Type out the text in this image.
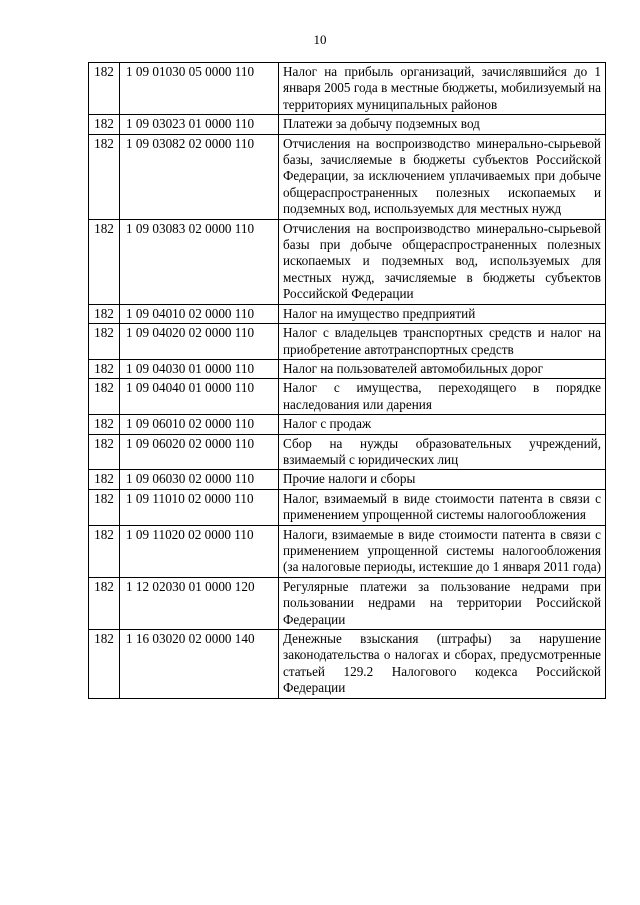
10
182	1 09 01030 05 0000 110	Налог на прибыль организаций, зачислявшийся до 1 января 2005 года в местные бюджеты, мобилизуемый на территориях муниципальных районов
182	1 09 03023 01 0000 110	Платежи за добычу подземных вод
182	1 09 03082 02 0000 110	Отчисления на воспроизводство минерально-сырьевой базы, зачисляемые в бюджеты субъектов Российской Федерации, за исключением уплачиваемых при добыче общераспространенных полезных ископаемых и подземных вод, используемых для местных нужд
182	1 09 03083 02 0000 110	Отчисления на воспроизводство минерально-сырьевой базы при добыче общераспространенных полезных ископаемых и подземных вод, используемых для местных нужд, зачисляемые в бюджеты субъектов Российской Федерации
182	1 09 04010 02 0000 110	Налог на имущество предприятий
182	1 09 04020 02 0000 110	Налог с владельцев транспортных средств и налог на приобретение автотранспортных средств
182	1 09 04030 01 0000 110	Налог на пользователей автомобильных дорог
182	1 09 04040 01 0000 110	Налог с имущества, переходящего в порядке наследования или дарения
182	1 09 06010 02 0000 110	Налог с продаж
182	1 09 06020 02 0000 110	Сбор на нужды образовательных учреждений, взимаемый с юридических лиц
182	1 09 06030 02 0000 110	Прочие налоги и сборы
182	1 09 11010 02 0000 110	Налог, взимаемый в виде стоимости патента в связи с применением упрощенной системы налогообложения
182	1 09 11020 02 0000 110	Налоги, взимаемые в виде стоимости патента в связи с применением упрощенной системы налогообложения (за налоговые периоды, истекшие до 1 января 2011 года)
182	1 12 02030 01 0000 120	Регулярные платежи за пользование недрами при пользовании недрами на территории Российской Федерации
182	1 16 03020 02 0000 140	Денежные взыскания (штрафы) за нарушение законодательства о налогах и сборах, предусмотренные статьей 129.2 Налогового кодекса Российской Федерации
